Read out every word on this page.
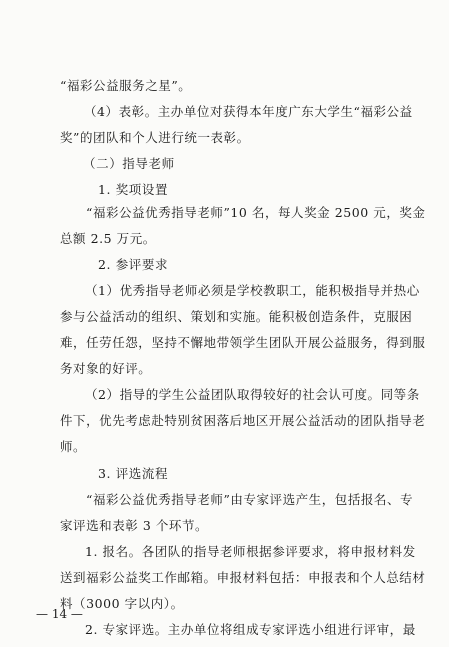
“福彩公益服务之星”。
（4）表彰。主办单位对获得本年度广东大学生“福彩公益
奖”的团队和个人进行统一表彰。
（二）指导老师
1. 奖项设置
“福彩公益优秀指导老师”10 名，每人奖金 2500 元，奖金
总额 2.5 万元。
2. 参评要求
（1）优秀指导老师必须是学校教职工，能积极指导并热心
参与公益活动的组织、策划和实施。能积极创造条件，克服困
难，任劳任怨，坚持不懈地带领学生团队开展公益服务，得到服
务对象的好评。
（2）指导的学生公益团队取得较好的社会认可度。同等条
件下，优先考虑赴特别贫困落后地区开展公益活动的团队指导老
师。
3. 评选流程
“福彩公益优秀指导老师”由专家评选产生，包括报名、专
家评选和表彰 3 个环节。
1. 报名。各团队的指导老师根据参评要求，将申报材料发
送到福彩公益奖工作邮箱。申报材料包括：申报表和个人总结材
料（3000 字以内）。
2. 专家评选。主办单位将组成专家评选小组进行评审，最
— 14 —
